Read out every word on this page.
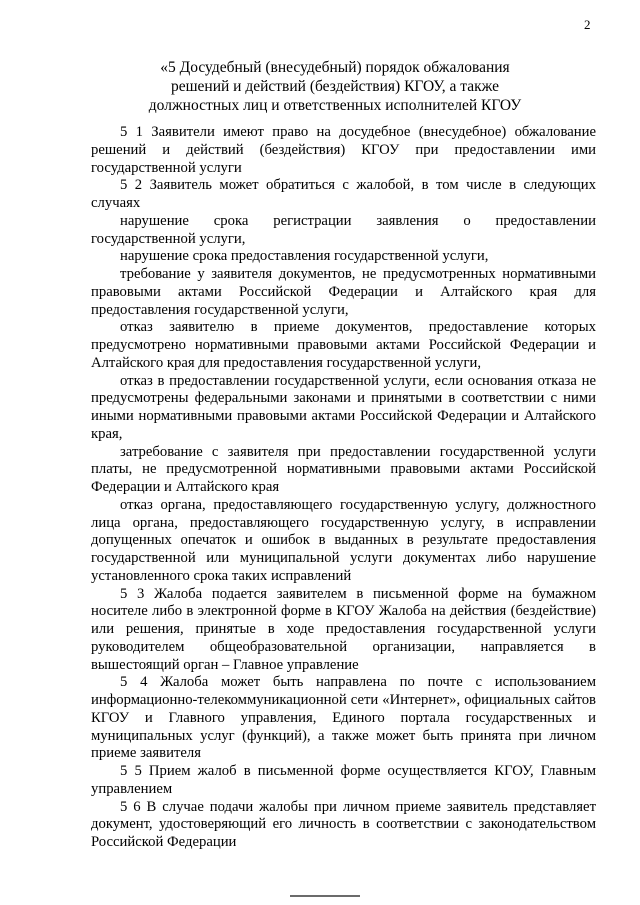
2
«5 Досудебный (внесудебный) порядок обжалования
решений и действий (бездействия) КГОУ, а также
должностных лиц и ответственных исполнителей КГОУ

5 1 Заявители имеют право на досудебное (внесудебное) обжалование решений и действий (бездействия) КГОУ при предоставлении ими государственной услуги

5 2 Заявитель может обратиться с жалобой, в том числе в следующих случаях

нарушение срока регистрации заявления о предоставлении государственной услуги,

нарушение срока предоставления государственной услуги,

требование у заявителя документов, не предусмотренных нормативными правовыми актами Российской Федерации и Алтайского края для предоставления государственной услуги,

отказ заявителю в приеме документов, предоставление которых предусмотрено нормативными правовыми актами Российской Федерации и Алтайского края для предоставления государственной услуги,

отказ в предоставлении государственной услуги, если основания отказа не предусмотрены федеральными законами и принятыми в соответствии с ними иными нормативными правовыми актами Российской Федерации и Алтайского края,

затребование с заявителя при предоставлении государственной услуги платы, не предусмотренной нормативными правовыми актами Российской Федерации и Алтайского края

отказ органа, предоставляющего государственную услугу, должностного лица органа, предоставляющего государственную услугу, в исправлении допущенных опечаток и ошибок в выданных в результате предоставления государственной или муниципальной услуги документах либо нарушение установленного срока таких исправлений

5 3 Жалоба подается заявителем в письменной форме на бумажном носителе либо в электронной форме в КГОУ Жалоба на действия (бездействие) или решения, принятые в ходе предоставления государственной услуги руководителем общеобразовательной организации, направляется в вышестоящий орган – Главное управление

5 4 Жалоба может быть направлена по почте с использованием информационно-телекоммуникационной сети «Интернет», официальных сайтов КГОУ и Главного управления, Единого портала государственных и муниципальных услуг (функций), а также может быть принята при личном приеме заявителя

5 5 Прием жалоб в письменной форме осуществляется КГОУ, Главным управлением

5 6 В случае подачи жалобы при личном приеме заявитель представляет документ, удостоверяющий его личность в соответствии с законодательством Российской Федерации
